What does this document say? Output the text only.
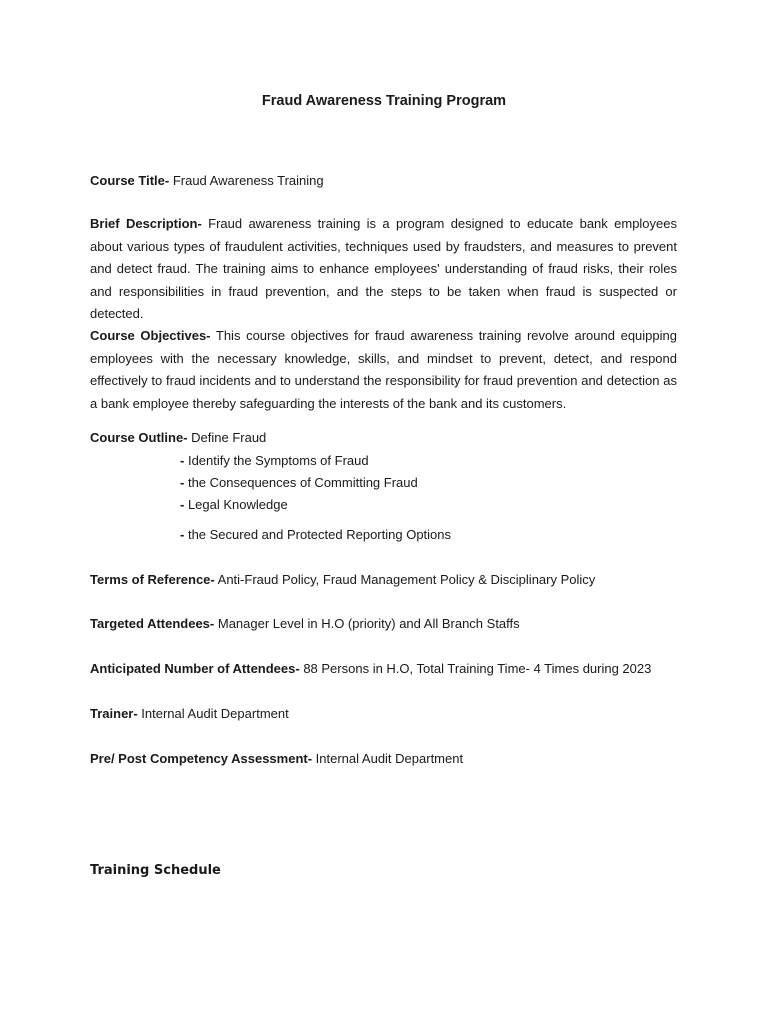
Fraud Awareness Training Program

Course Title- Fraud Awareness Training

Brief Description- Fraud awareness training is a program designed to educate bank employees about various types of fraudulent activities, techniques used by fraudsters, and measures to prevent and detect fraud. The training aims to enhance employees' understanding of fraud risks, their roles and responsibilities in fraud prevention, and the steps to be taken when fraud is suspected or detected.

Course Objectives- This course objectives for fraud awareness training revolve around equipping employees with the necessary knowledge, skills, and mindset to prevent, detect, and respond effectively to fraud incidents and to understand the responsibility for fraud prevention and detection as a bank employee thereby safeguarding the interests of the bank and its customers.

Course Outline- Define Fraud

- Identify the Symptoms of Fraud

- the Consequences of Committing Fraud

- Legal Knowledge

- the Secured and Protected Reporting Options

Terms of Reference- Anti-Fraud Policy, Fraud Management Policy & Disciplinary Policy

Targeted Attendees- Manager Level in H.O (priority) and All Branch Staffs

Anticipated Number of Attendees- 88 Persons in H.O, Total Training Time- 4 Times during 2023

Trainer- Internal Audit Department

Pre/ Post Competency Assessment- Internal Audit Department

Training Schedule
